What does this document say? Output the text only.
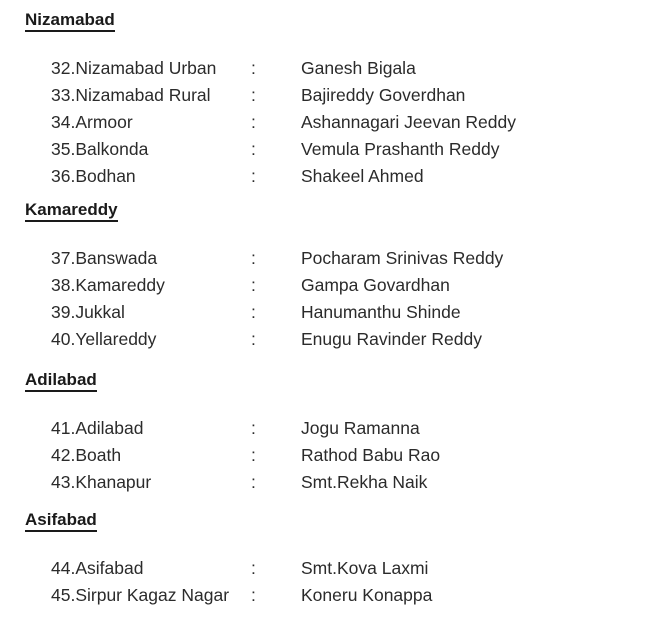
Nizamabad
32. Nizamabad Urban :	Ganesh Bigala
33. Nizamabad Rural :	Bajireddy Goverdhan
34. Armoor	:	Ashannagari Jeevan Reddy
35. Balkonda	:	Vemula Prashanth Reddy
36. Bodhan	:	Shakeel Ahmed
Kamareddy
37. Banswada	:	Pocharam Srinivas Reddy
38. Kamareddy	:	Gampa Govardhan
39. Jukkal	:	Hanumanthu Shinde
40. Yellareddy	:	Enugu Ravinder Reddy
Adilabad
41. Adilabad	:	Jogu Ramanna
42. Boath	:	Rathod Babu Rao
43. Khanapur	:	Smt.Rekha Naik
Asifabad
44. Asifabad	:	Smt.Kova Laxmi
45. Sirpur Kagaz Nagar :	Koneru Konappa
